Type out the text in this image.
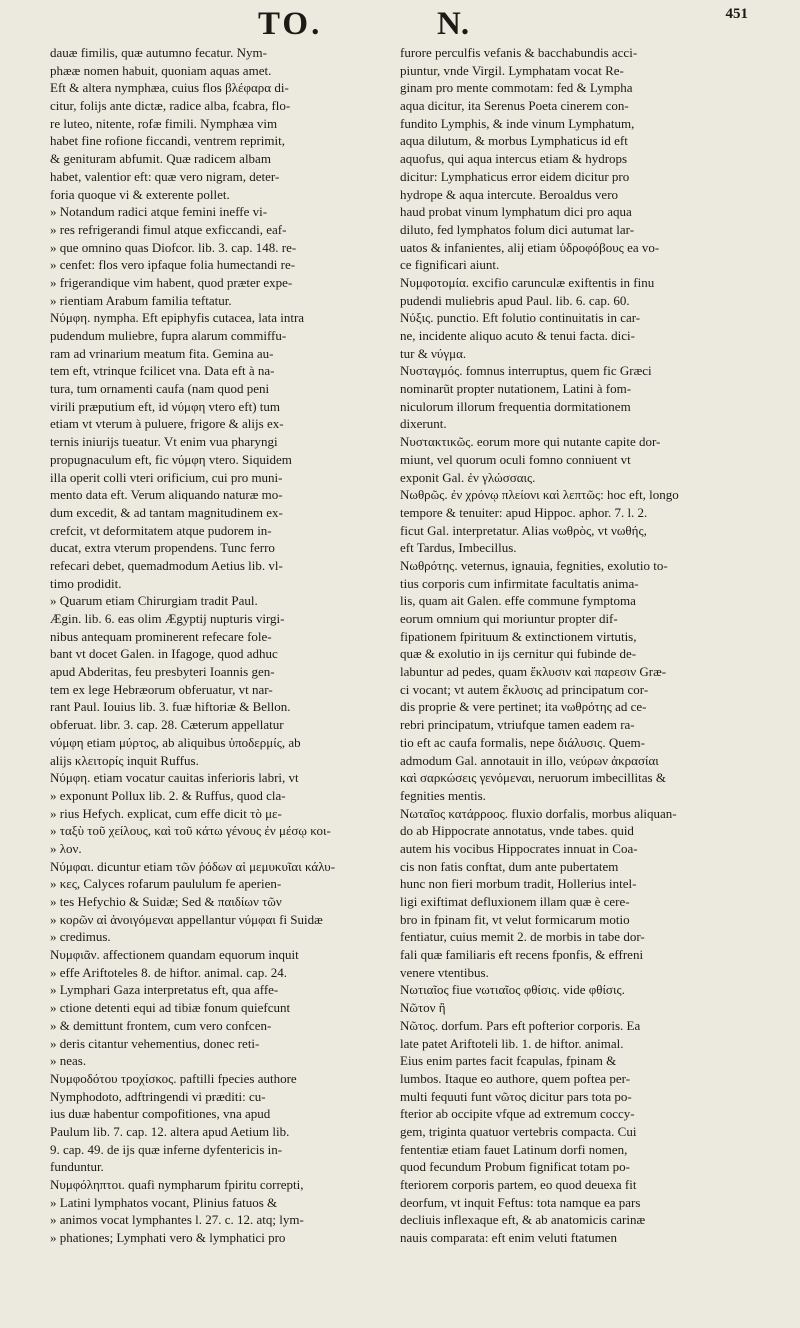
TO.	N.	451
dauæ fimilis, quæ autumno fecatur. Nym-
phææ nomen habuit, quoniam aquas amet.
Eft & altera nymphæa, cuius flos βλέφαρα di-
citur, folijs ante dictæ, radice alba, fcabra, flo-
re luteo, nitente, rofæ fimili. Nymphæa vim
habet fine rofione ficcandi, ventrem reprimit,
& genituram abfumit. Quæ radicem albam
habet, valentior eft: quæ vero nigram, deter-
foria quoque vi & exterente pollet.
» Notandum radici atque femini ineffe vi-
» res refrigerandi fimul atque exficcandi, eaf-
» que omnino quas Diofcor. lib. 3. cap. 148. re-
» cenfet: flos vero ipfaque folia humectandi re-
» frigerandique vim habent, quod præter expe-
» rientiam Arabum familia teftatur.
Νύμφη. nympha. Eft epiphyfis cutacea, lata intra
pudendum muliebre, fupra alarum commiffu-
ram ad vrinarium meatum fita. Gemina au-
tem eft, vtrinque fcilicet vna. Data eft à na-
tura, tum ornamenti caufa (nam quod peni
virili præputium eft, id νύμφη vtero eft) tum
etiam vt vterum à puluere, frigore & alijs ex-
ternis iniurijs tueatur. Vt enim vua pharyngi
propugnaculum eft, fic νύμφη vtero. Siquidem
illa operit colli vteri orificium, cui pro muni-
mento data eft. Verum aliquando naturæ mo-
dum excedit, & ad tantam magnitudinem ex-
crefcit, vt deformitatem atque pudorem in-
ducat, extra vterum propendens. Tunc ferro
refecari debet, quemadmodum Aetius lib. vl-
timo prodidit.
» Quarum etiam Chirurgiam tradit Paul.
Ægin. lib. 6. eas olim Ægyptij nupturis virgi-
nibus antequam prominerent refecare fole-
bant vt docet Galen. in Ifagoge, quod adhuc
apud Abderitas, feu presbyteri Ioannis gen-
tem ex lege Hebræorum obferuatur, vt nar-
rant Paul. Iouius lib. 3. fuæ hiftoriæ & Bellon.
obferuat. libr. 3. cap. 28. Cæterum appellatur
νύμφη etiam μύρτος, ab aliquibus ὑποδερμίς, ab
alijs κλειτορίς inquit Ruffus.
Νύμφη. etiam vocatur cauitas inferioris labri, vt
» exponunt Pollux lib. 2. & Ruffus, quod cla-
» rius Hefych. explicat, cum effe dicit τὸ με-
» ταξὺ τοῦ χείλους, καὶ τοῦ κάτω γένους ἐν μέσῳ κοι-
» λον.
Νύμφαι. dicuntur etiam τῶν ῥόδων αἱ μεμυκυῖαι κάλυ-
» κες, Calyces rofarum paululum fe aperien-
» tes Hefychio & Suidæ; Sed & παιδίων τῶν
» κορῶν αἱ ἀνοιγόμεναι appellantur νύμφαι fi Suidæ
» credimus.
Νυμφιᾶν. affectionem quandam equorum inquit
» effe Ariftoteles 8. de hiftor. animal. cap. 24.
» Lymphari Gaza interpretatus eft, qua affe-
» ctione detenti equi ad tibiæ fonum quiefcunt
» & demittunt frontem, cum vero confcen-
» deris citantur vehementius, donec reti-
» neas.
Νυμφοδότου τροχίσκος. paftilli fpecies authore
Nymphodoto, adftringendi vi præditi: cu-
ius duæ habentur compofitiones, vna apud
Paulum lib. 7. cap. 12. altera apud Aetium lib.
9. cap. 49. de ijs quæ inferne dyfentericis in-
funduntur.
Νυμφόληπτοι. quafi nympharum fpiritu correpti,
» Latini lymphatos vocant, Plinius fatuos &
» animos vocat lymphantes l. 27. c. 12. atq; lym-
» phationes; Lymphati vero & lymphatici pro
furore perculfis vefanis & bacchabundis acci-
piuntur, vnde Virgil. Lymphatam vocat Re-
ginam pro mente commotam: fed & Lympha
aqua dicitur, ita Serenus Poeta cinerem con-
fundito Lymphis, & inde vinum Lymphatum,
aqua dilutum, & morbus Lymphaticus id eft
aquofus, qui aqua intercus etiam & hydrops
dicitur: Lymphaticus error eidem dicitur pro
hydrope & aqua intercute. Beroaldus vero
haud probat vinum lymphatum dici pro aqua
diluto, fed lymphatos folum dici autumat lar-
uatos & infanientes, alij etiam ὑδροφόβους ea vo-
ce fignificari aiunt.
Νυμφοτομία. excifio carunculæ exiftentis in finu
pudendi muliebris apud Paul. lib. 6. cap. 60.
Νύξις. punctio. Eft folutio continuitatis in car-
ne, incidente aliquo acuto & tenui facta. dici-
tur & νύγμα.
Νυσταγμός. fomnus interruptus, quem fic Græci
nominarũt propter nutationem, Latini à fom-
niculorum illorum frequentia dormitationem
dixerunt.
Νυστακτικῶς. eorum more qui nutante capite dor-
miunt, vel quorum oculi fomno conniuent vt
exponit Gal. ἐν γλώσσαις.
Νωθρῶς. ἐν χρόνῳ πλείονι καὶ λεπτῶς: hoc eft, longo
tempore & tenuiter: apud Hippoc. aphor. 7. l. 2.
ficut Gal. interpretatur. Alias νωθρὸς, vt νωθής,
eft Tardus, Imbecillus.
Νωθρότης. veternus, ignauia, fegnities, exolutio to-
tius corporis cum infirmitate facultatis anima-
lis, quam ait Galen. effe commune fymptoma
eorum omnium qui moriuntur propter dif-
fipationem fpirituum & extinctionem virtutis,
quæ & exolutio in ijs cernitur qui fubinde de-
labuntur ad pedes, quam ἔκλυσιν καὶ παρεσιν Græ-
ci vocant; vt autem ἔκλυσις ad principatum cor-
dis proprie & vere pertinet; ita νωθρότης ad ce-
rebri principatum, vtriufque tamen eadem ra-
tio eft ac caufa formalis, nepe διάλυσις. Quem-
admodum Gal. annotauit in illo, νεύρων ἀκρασίαι
καὶ σαρκώσεις γενόμεναι, neruorum imbecillitas &
fegnities mentis.
Νωταῖος κατάρροος. fluxio dorfalis, morbus aliquan-
do ab Hippocrate annotatus, vnde tabes. quid
autem his vocibus Hippocrates innuat in Coa-
cis non fatis conftat, dum ante pubertatem
hunc non fieri morbum tradit, Hollerius intel-
ligi exiftimat defluxionem illam quæ è cere-
bro in fpinam fit, vt velut formicarum motio
fentiatur, cuius memit 2. de morbis in tabe dor-
fali quæ familiaris eft recens fponfis, & effreni
venere vtentibus.
Νωτιαῖος fiue νωτιαῖος φθίσις. vide φθίσις.
Νῶτον ἢ
Νῶτος. dorfum. Pars eft pofterior corporis. Ea
late patet Ariftoteli lib. 1. de hiftor. animal.
Eius enim partes facit fcapulas, fpinam &
lumbos. Itaque eo authore, quem poftea per-
multi fequuti funt νῶτος dicitur pars tota po-
fterior ab occipite vfque ad extremum coccy-
gem, triginta quatuor vertebris compacta. Cui
fententiæ etiam fauet Latinum dorfi nomen,
quod fecundum Probum fignificat totam po-
fteriorem corporis partem, eo quod deuexa fit
deorfum, vt inquit Feftus: tota namque ea pars
decliuis inflexaque eft, & ab anatomicis carinæ
nauis comparata: eft enim veluti ftatumen
